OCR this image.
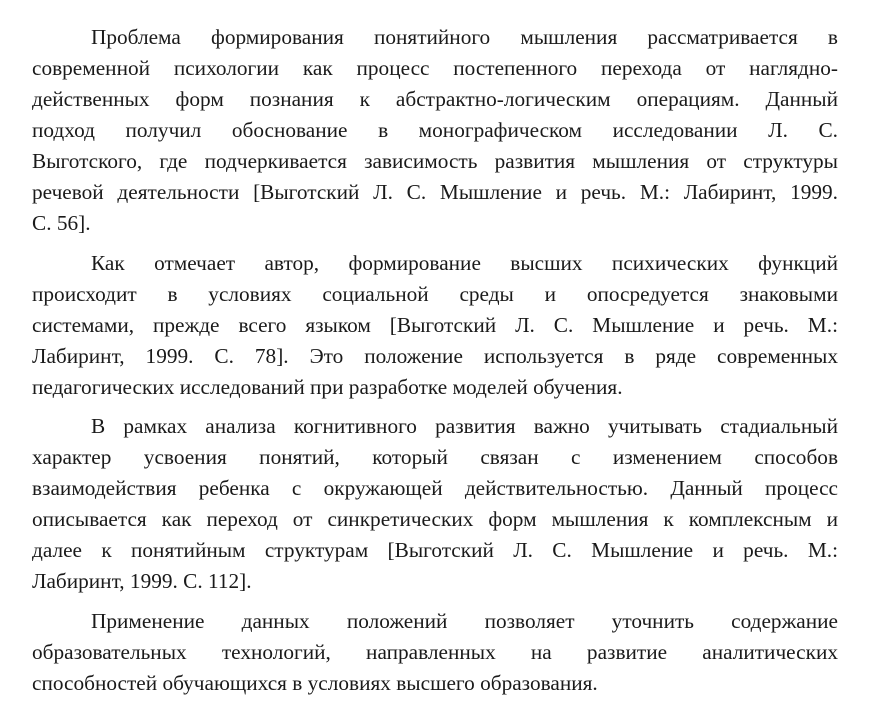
Проблема формирования понятийного мышления рассматривается в
современной психологии как процесс постепенного перехода от наглядно-
действенных форм познания к абстрактно-логическим операциям. Данный
подход получил обоснование в монографическом исследовании Л. С.
Выготского, где подчеркивается зависимость развития мышления от структуры
речевой деятельности [Выготский Л. С. Мышление и речь. М.: Лабиринт, 1999.
С. 56].
Как отмечает автор, формирование высших психических функций
происходит в условиях социальной среды и опосредуется знаковыми
системами, прежде всего языком [Выготский Л. С. Мышление и речь. М.:
Лабиринт, 1999. С. 78]. Это положение используется в ряде современных
педагогических исследований при разработке моделей обучения.
В рамках анализа когнитивного развития важно учитывать стадиальный
характер усвоения понятий, который связан с изменением способов
взаимодействия ребенка с окружающей действительностью. Данный процесс
описывается как переход от синкретических форм мышления к комплексным и
далее к понятийным структурам [Выготский Л. С. Мышление и речь. М.:
Лабиринт, 1999. С. 112].
Применение данных положений позволяет уточнить содержание
образовательных технологий, направленных на развитие аналитических
способностей обучающихся в условиях высшего образования.
